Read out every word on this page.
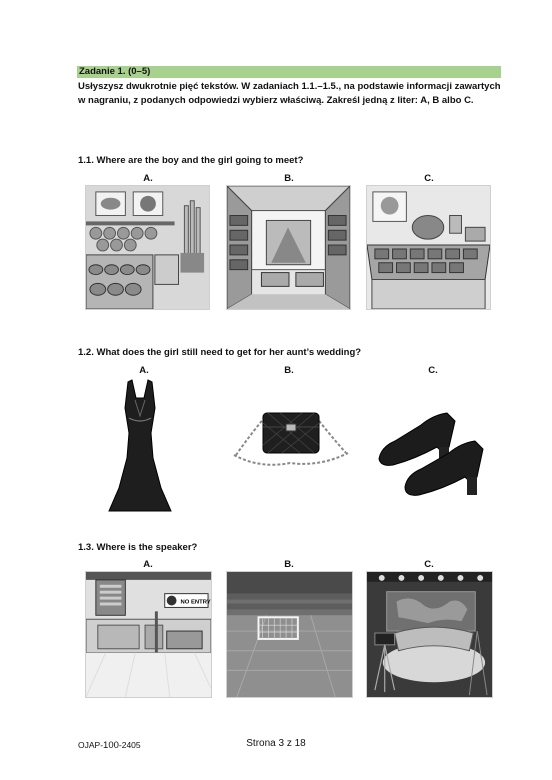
Zadanie 1. (0–5)
Usłyszysz dwukrotnie pięć tekstów. W zadaniach 1.1.–1.5., na podstawie informacji zawartych w nagraniu, z podanych odpowiedzi wybierz właściwą. Zakreśl jedną z liter: A, B albo C.
1.1. Where are the boy and the girl going to meet?
A.	B.	C.
1.2. What does the girl still need to get for her aunt’s wedding?
A.	B.	C.
1.3. Where is the speaker?
A.	B.	C.
NO ENTRY
OJAP-100-2405	Strona 3 z 18
